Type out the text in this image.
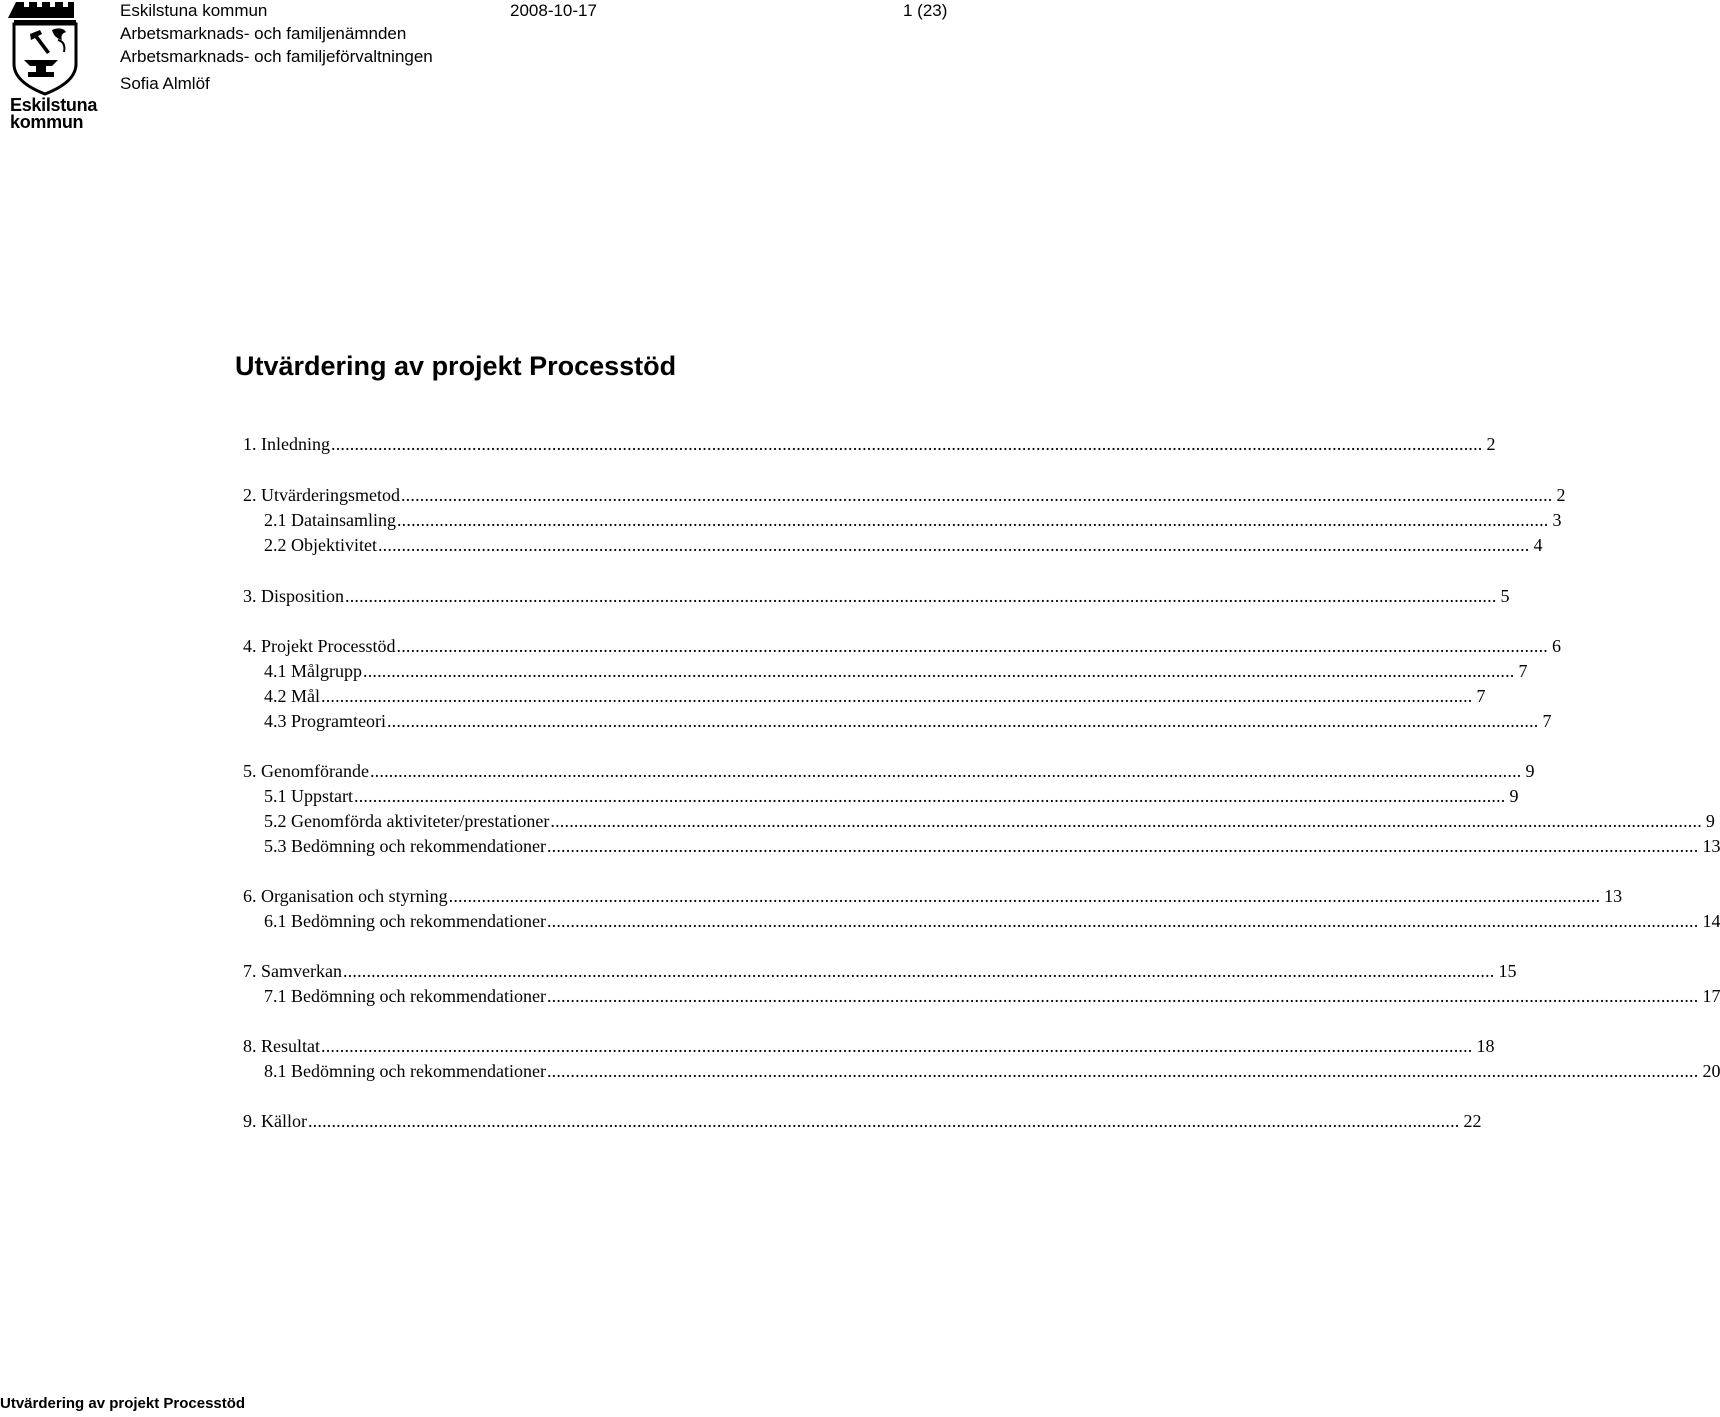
Eskilstuna
kommun
Eskilstuna kommun	2008-10-17	1 (23)
Arbetsmarknads- och familjenämnden
Arbetsmarknads- och familjeförvaltningen
Sofia Almlöf
Utvärdering av projekt Processtöd
1. Inledning .....	2
2. Utvärderingsmetod .....	2
2.1 Datainsamling .....	3
2.2 Objektivitet .....	4
3. Disposition .....	5
4. Projekt Processtöd .....	6
4.1 Målgrupp .....	7
4.2 Mål .....	7
4.3 Programteori .....	7
5. Genomförande .....	9
5.1 Uppstart .....	9
5.2 Genomförda aktiviteter/prestationer .....	9
5.3 Bedömning och rekommendationer .....	13
6. Organisation och styrning .....	13
6.1 Bedömning och rekommendationer .....	14
7. Samverkan .....	15
7.1 Bedömning och rekommendationer .....	17
8. Resultat .....	18
8.1 Bedömning och rekommendationer .....	20
9. Källor .....	22
Utvärdering av projekt Processtöd
